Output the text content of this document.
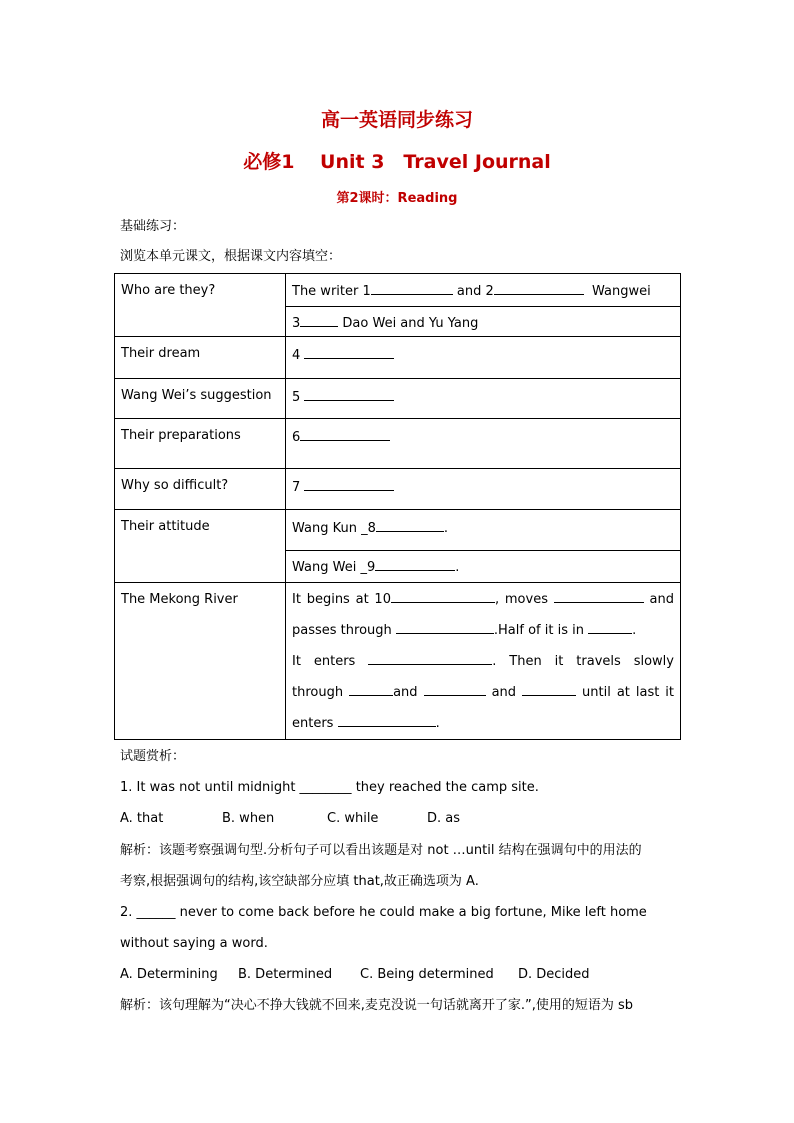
高一英语同步练习
必修1　 Unit 3　Travel Journal
第2课时：Reading
基础练习：
浏览本单元课文，根据课文内容填空：
Who are they?	The writer 1 and 2 Wangwei

	3 Dao Wei and Yu Yang

Their dream	4

Wang Wei’s suggestion	5

Their preparations	6

Why so difficult?	7

Their attitude	Wang Kun _8 .

	Wang Wei _9 .

The Mekong River	It begins at 10 , moves and
passes through .Half of it is in .
It enters . Then it travels slowly
through and and until at last it
enters .
试题赏析：
1. It was not until midnight ________ they reached the camp site.
A. that	B. when	C. while	D. as
解析：该题考察强调句型.分析句子可以看出该题是对 not …until 结构在强调句中的用法的
考察,根据强调句的结构,该空缺部分应填 that,故正确选项为 A.
2. ______ never to come back before he could make a big fortune, Mike left home
without saying a word.
A. Determining B. Determined C. Being determined D. Decided
解析：该句理解为“决心不挣大钱就不回来,麦克没说一句话就离开了家.”,使用的短语为 sb
